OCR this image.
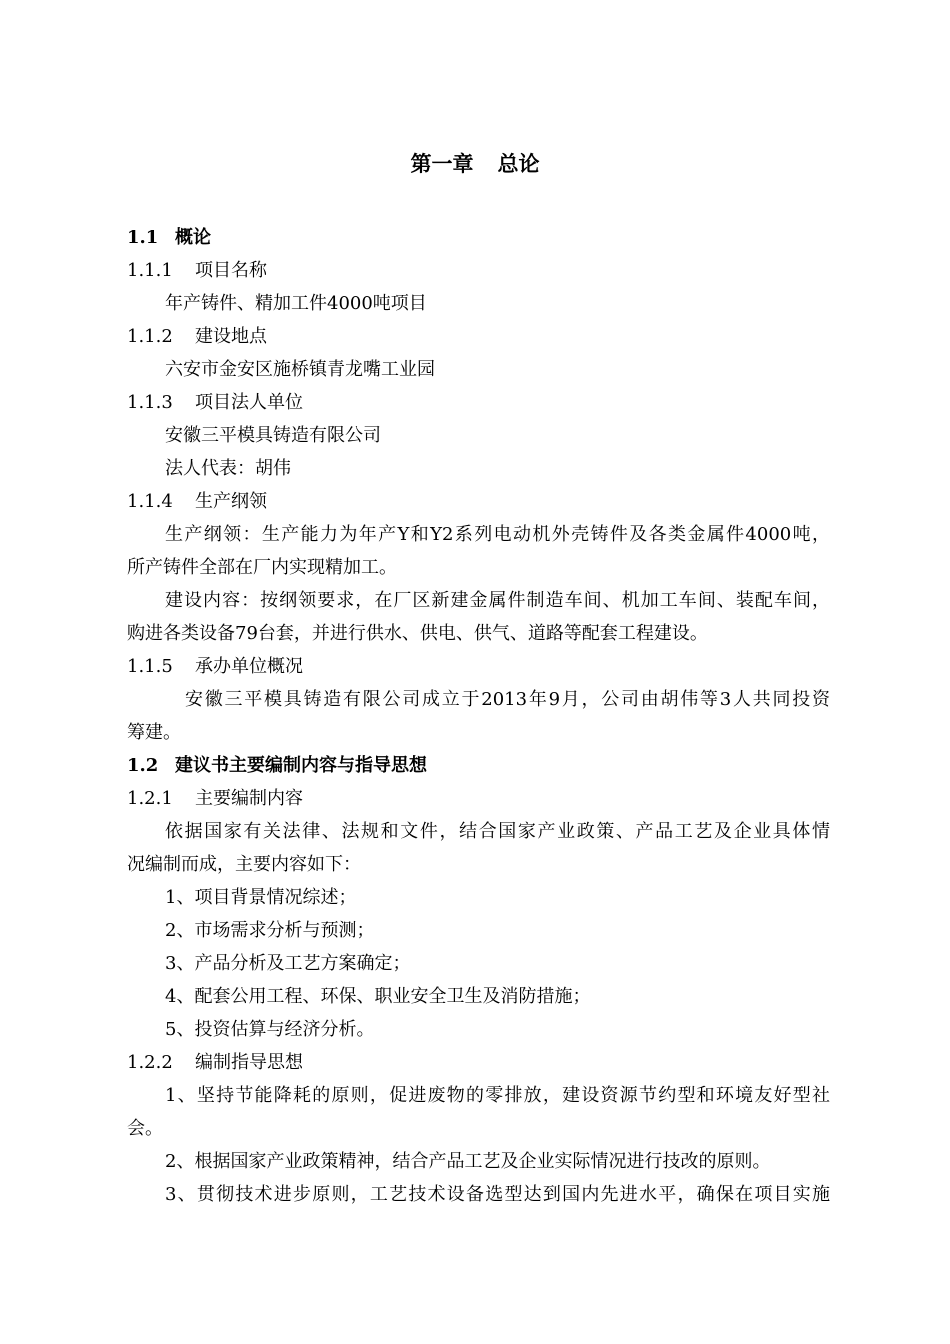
第一章 总论
1.1 概论
1.1.1 项目名称
年产铸件、精加工件4000吨项目
1.1.2 建设地点
六安市金安区施桥镇青龙嘴工业园
1.1.3 项目法人单位
安徽三平模具铸造有限公司
法人代表：胡伟
1.1.4 生产纲领
生产纲领：生产能力为年产Y和Y2系列电动机外壳铸件及各类金属件4000吨，
所产铸件全部在厂内实现精加工。
建设内容：按纲领要求，在厂区新建金属件制造车间、机加工车间、装配车间，
购进各类设备79台套，并进行供水、供电、供气、道路等配套工程建设。
1.1.5 承办单位概况
安徽三平模具铸造有限公司成立于2013年9月，公司由胡伟等3人共同投资
筹建。
1.2 建议书主要编制内容与指导思想
1.2.1 主要编制内容
依据国家有关法律、法规和文件，结合国家产业政策、产品工艺及企业具体情
况编制而成，主要内容如下：
1、项目背景情况综述；
2、市场需求分析与预测；
3、产品分析及工艺方案确定；
4、配套公用工程、环保、职业安全卫生及消防措施；
5、投资估算与经济分析。
1.2.2 编制指导思想
1、坚持节能降耗的原则，促进废物的零排放，建设资源节约型和环境友好型社
会。
2、根据国家产业政策精神，结合产品工艺及企业实际情况进行技改的原则。
3、贯彻技术进步原则，工艺技术设备选型达到国内先进水平，确保在项目实施
